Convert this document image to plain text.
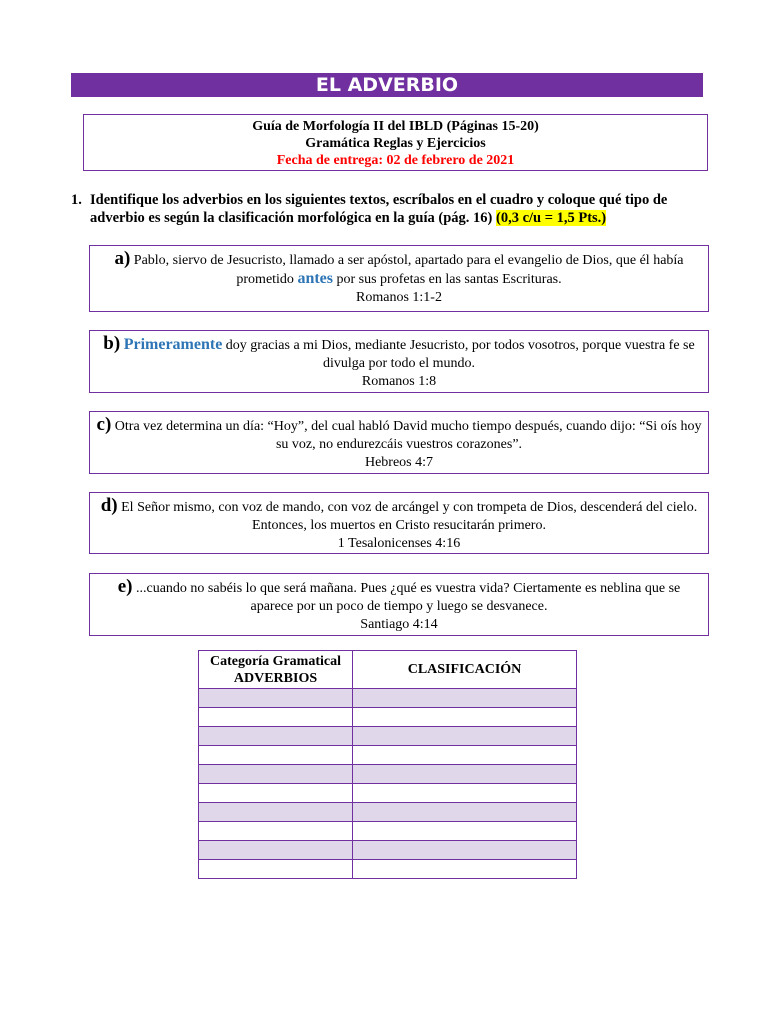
EL ADVERBIO
Guía de Morfología II del IBLD (Páginas 15-20)
Gramática Reglas y Ejercicios
Fecha de entrega: 02 de febrero de 2021
1. Identifique los adverbios en los siguientes textos, escríbalos en el cuadro y coloque qué tipo de adverbio es según la clasificación morfológica en la guía (pág. 16) (0,3 c/u = 1,5 Pts.)
a) Pablo, siervo de Jesucristo, llamado a ser apóstol, apartado para el evangelio de Dios, que él había prometido antes por sus profetas en las santas Escrituras.
Romanos 1:1-2
b) Primeramente doy gracias a mi Dios, mediante Jesucristo, por todos vosotros, porque vuestra fe se divulga por todo el mundo.
Romanos 1:8
c) Otra vez determina un día: “Hoy”, del cual habló David mucho tiempo después, cuando dijo: “Si oís hoy su voz, no endurezcáis vuestros corazones”.
Hebreos 4:7
d) El Señor mismo, con voz de mando, con voz de arcángel y con trompeta de Dios, descenderá del cielo. Entonces, los muertos en Cristo resucitarán primero.
1 Tesalonicenses 4:16
e) ...cuando no sabéis lo que será mañana. Pues ¿qué es vuestra vida? Ciertamente es neblina que se aparece por un poco de tiempo y luego se desvanece.
Santiago 4:14
Categoría Gramatical
ADVERBIOS	CLASIFICACIÓN
